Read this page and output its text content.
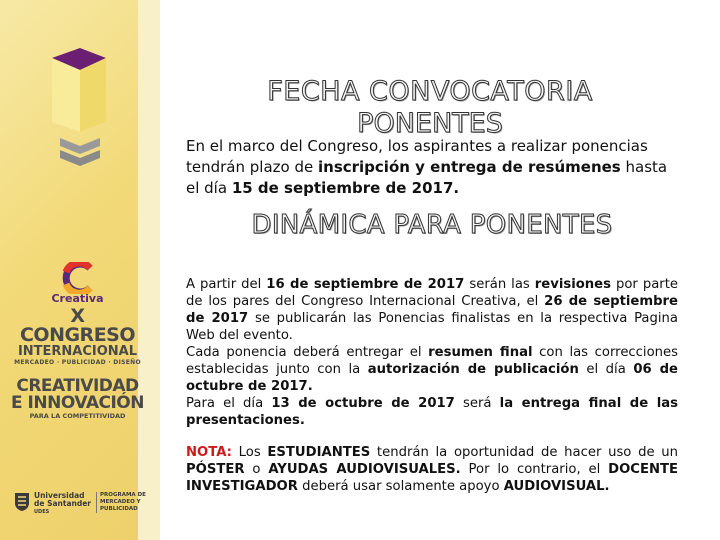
Creativa
X CONGRESO
INTERNACIONAL
MERCADEO · PUBLICIDAD · DISEÑO
CREATIVIDAD
E INNOVACIÓN
PARA LA COMPETITIVIDAD
Universidad
de Santander
UDES
PROGRAMA DE
MERCADEO Y
PUBLICIDAD
FECHA CONVOCATORIA
PONENTES
En el marco del Congreso, los aspirantes a realizar ponencias tendrán plazo de inscripción y entrega de resúmenes hasta el día 15 de septiembre de 2017.
DINÁMICA PARA PONENTES

A partir del 16 de septiembre de 2017 serán las revisiones por parte de los pares del Congreso Internacional Creativa, el 26 de septiembre de 2017 se publicarán las Ponencias finalistas en la respectiva Pagina Web del evento.

Cada ponencia deberá entregar el resumen final con las correcciones establecidas junto con la autorización de publicación el día 06 de octubre de 2017.

Para el día 13 de octubre de 2017 será la entrega final de las presentaciones.

NOTA: Los ESTUDIANTES tendrán la oportunidad de hacer uso de un PÓSTER o AYUDAS AUDIOVISUALES. Por lo contrario, el DOCENTE INVESTIGADOR deberá usar solamente apoyo AUDIOVISUAL.
